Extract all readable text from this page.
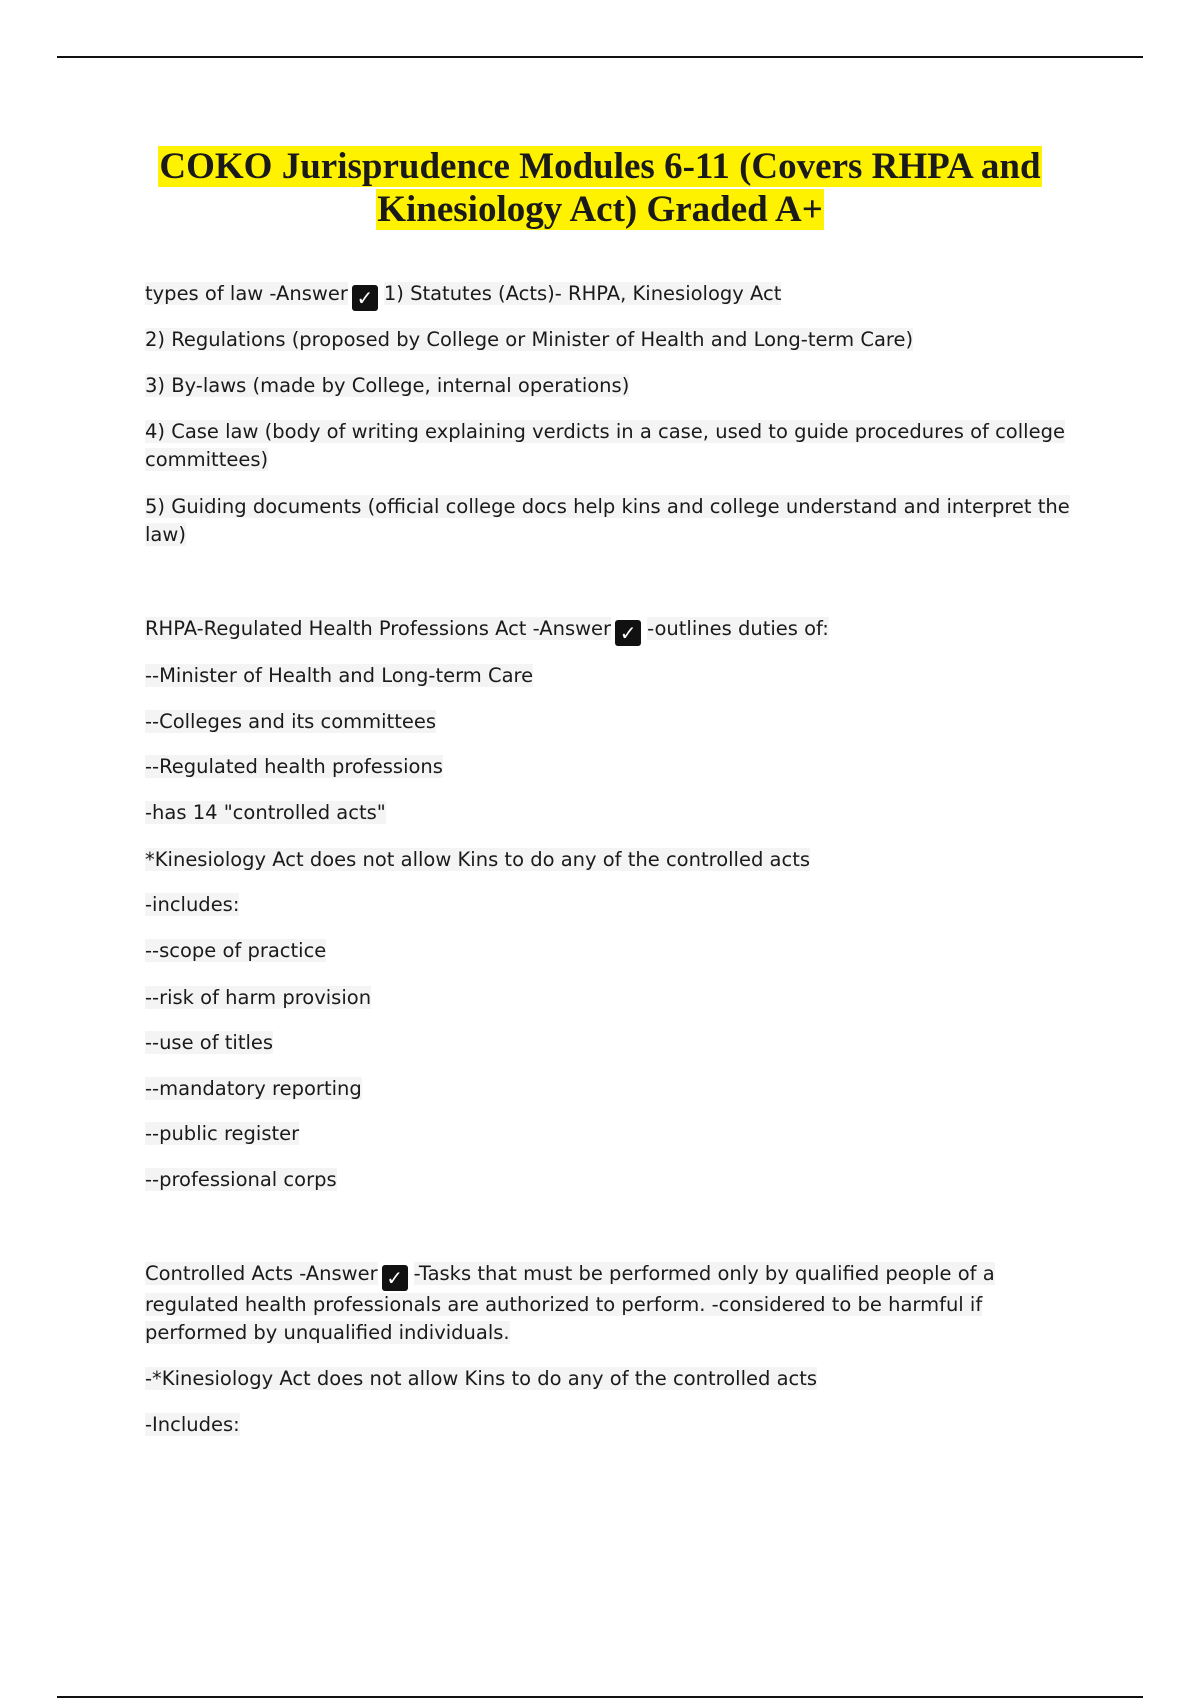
COKO Jurisprudence Modules 6-11 (Covers RHPA and
Kinesiology Act) Graded A+
types of law -Answer ✓ 1) Statutes (Acts)- RHPA, Kinesiology Act
2) Regulations (proposed by College or Minister of Health and Long-term Care)
3) By-laws (made by College, internal operations)
4) Case law (body of writing explaining verdicts in a case, used to guide procedures of college committees)
5) Guiding documents (official college docs help kins and college understand and interpret the law)
RHPA-Regulated Health Professions Act -Answer ✓ -outlines duties of:
--Minister of Health and Long-term Care
--Colleges and its committees
--Regulated health professions
-has 14 "controlled acts"
*Kinesiology Act does not allow Kins to do any of the controlled acts
-includes:
--scope of practice
--risk of harm provision
--use of titles
--mandatory reporting
--public register
--professional corps
Controlled Acts -Answer ✓ -Tasks that must be performed only by qualified people of a regulated health professionals are authorized to perform. -considered to be harmful if performed by unqualified individuals.
-*Kinesiology Act does not allow Kins to do any of the controlled acts
-Includes:
